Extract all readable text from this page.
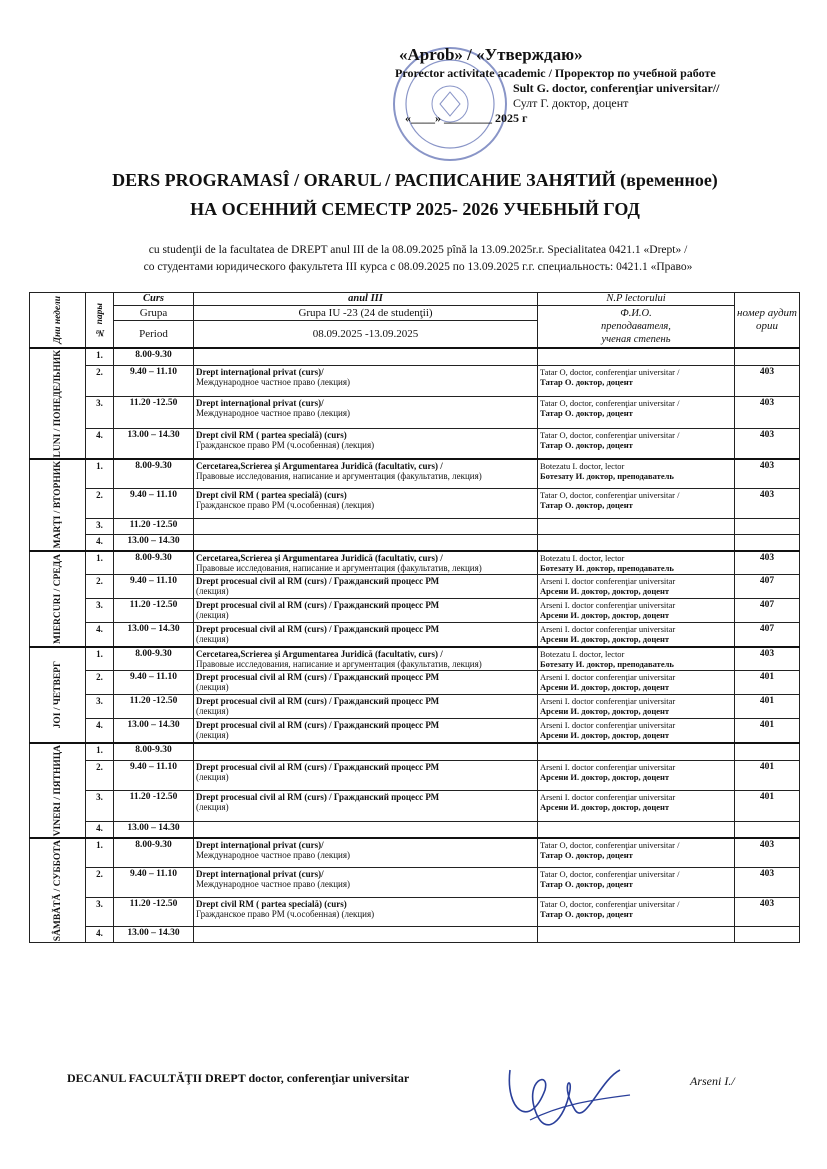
«Aprob» / «Утверждаю»
Prorector activitate academic / Проректор по учебной работе
Sult G. doctor, conferenţiar universitar//
Султ Г. доктор, доцент
«____» ________ 2025 г
DERS PROGRAMASÎ / ORARUL / РАСПИСАНИЕ ЗАНЯТИЙ (временное)
НА ОСЕННИЙ СЕМЕСТР 2025- 2026 УЧЕБНЫЙ ГОД
cu studenţii de la facultatea de DREPT anul III de la 08.09.2025 pînă la 13.09.2025r.r. Specialitatea 0421.1 «Drept» /
со студентами юридического факультета III курса с 08.09.2025 по 13.09.2025 г.г. специальность: 0421.1 «Право»
Дни недели	№ пары	Curs	anul III	N.P lectorului	номер аудит ории
		Grupa	Grupa IU -23 (24 de studenţii)	Ф.И.О.
преподавателя,
ученая степень	

		Period	08.09.2025 -13.09.2025		

LUNI / ПОНЕДЕЛЬНИК	1.	8.00-9.30	

	2.	9.40 – 11.10	Drept internaţional privat (curs)/
Международное частное право (лекция)	Tatar O, doctor, conferenţiar universitar /
Татар О. доктор, доцент	403
	3.	11.20 -12.50	Drept internaţional privat (curs)/
Международное частное право (лекция)	Tatar O, doctor, conferenţiar universitar /
Татар О. доктор, доцент	403
	4.	13.00 – 14.30	Drept civil RM ( partea specială) (curs)
Гражданское право РМ (ч.особенная) (лекция)	Tatar O, doctor, conferenţiar universitar /
Татар О. доктор, доцент	403

MARŢI / ВТОРНИК	1.	8.00-9.30	Cercetarea,Scrierea şi Argumentarea Juridică (facultativ, curs) /
Правовые исследования, написание и аргументация (факультатив, лекция)	Botezatu I. doctor, lector
Ботезату И. доктор, преподаватель	403
	2.	9.40 – 11.10	Drept civil RM ( partea specială) (curs)
Гражданское право РМ (ч.особенная) (лекция)	Tatar O, doctor, conferenţiar universitar /
Татар О. доктор, доцент	403
	3.	11.20 -12.50	

	4.	13.00 – 14.30	

MIERCURI / СРЕДА	1.	8.00-9.30	Cercetarea,Scrierea şi Argumentarea Juridică (facultativ, curs) /
Правовые исследования, написание и аргументация (факультатив, лекция)	Botezatu I. doctor, lector
Ботезату И. доктор, преподаватель	403
	2.	9.40 – 11.10	Drept procesual civil al RM (curs) / Гражданский процесс РМ
(лекция)	Arseni I. doctor conferenţiar universitar
Арсени И. доктор, доктор, доцент	407
	3.	11.20 -12.50	Drept procesual civil al RM (curs) / Гражданский процесс РМ
(лекция)	Arseni I. doctor conferenţiar universitar
Арсени И. доктор, доктор, доцент	407
	4.	13.00 – 14.30	Drept procesual civil al RM (curs) / Гражданский процесс РМ
(лекция)	Arseni I. doctor conferenţiar universitar
Арсени И. доктор, доктор, доцент	407

JOI / ЧЕТВЕРГ	1.	8.00-9.30	Cercetarea,Scrierea şi Argumentarea Juridică (facultativ, curs) /
Правовые исследования, написание и аргументация (факультатив, лекция)	Botezatu I. doctor, lector
Ботезату И. доктор, преподаватель	403
	2.	9.40 – 11.10	Drept procesual civil al RM (curs) / Гражданский процесс РМ
(лекция)	Arseni I. doctor conferenţiar universitar
Арсени И. доктор, доктор, доцент	401
	3.	11.20 -12.50	Drept procesual civil al RM (curs) / Гражданский процесс РМ
(лекция)	Arseni I. doctor conferenţiar universitar
Арсени И. доктор, доктор, доцент	401
	4.	13.00 – 14.30	Drept procesual civil al RM (curs) / Гражданский процесс РМ
(лекция)	Arseni I. doctor conferenţiar universitar
Арсени И. доктор, доктор, доцент	401

VINERI / ПЯТНИЦА	1.	8.00-9.30	

	2.	9.40 – 11.10	Drept procesual civil al RM (curs) / Гражданский процесс РМ
(лекция)	Arseni I. doctor conferenţiar universitar
Арсени И. доктор, доктор, доцент	401
	3.	11.20 -12.50	Drept procesual civil al RM (curs) / Гражданский процесс РМ
(лекция)	Arseni I. doctor conferenţiar universitar
Арсени И. доктор, доктор, доцент	401
	4.	13.00 – 14.30	

SÂMBĂTĂ / СУББОТА	1.	8.00-9.30	Drept internaţional privat (curs)/
Международное частное право (лекция)	Tatar O, doctor, conferenţiar universitar /
Татар О. доктор, доцент	403
	2.	9.40 – 11.10	Drept internaţional privat (curs)/
Международное частное право (лекция)	Tatar O, doctor, conferenţiar universitar /
Татар О. доктор, доцент	403
	3.	11.20 -12.50	Drept civil RM ( partea specială) (curs)
Гражданское право РМ (ч.особенная) (лекция)	Tatar O, doctor, conferenţiar universitar /
Татар О. доктор, доцент	403
	4.	13.00 – 14.30	

DECANUL FACULTĂŢII DREPT doctor, conferenţiar universitar	Arseni I./
